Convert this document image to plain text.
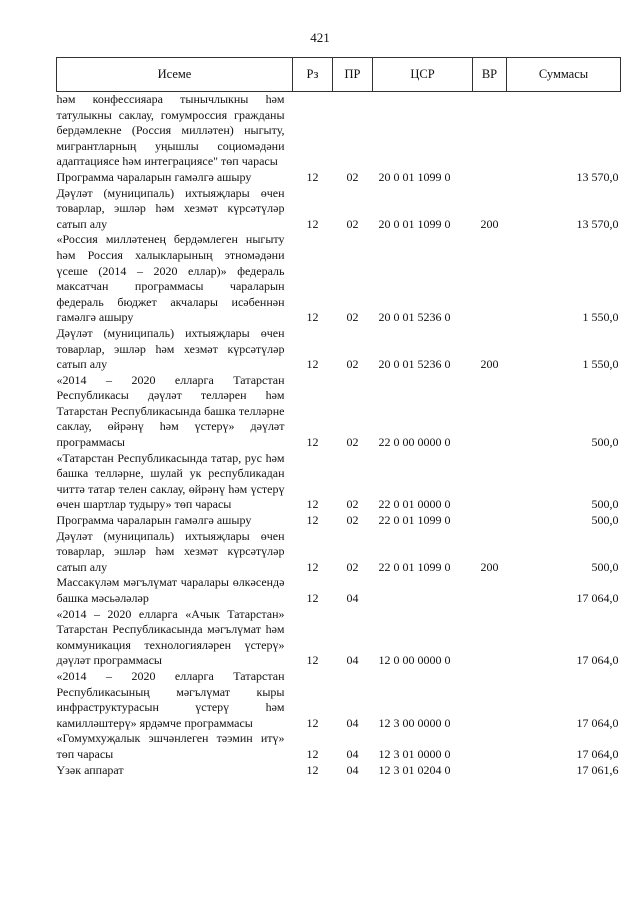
421
Исеме	Рз	ПР	ЦСР	ВР	Суммасы
һәм конфессияара тынычлыкны һәм татулыкны саклау, гомумроссия гражданы бердәмлекне (Россия милләтен) ныгыту, мигрантларның уңышлы социомәдәни адаптациясе һәм интеграциясе" төп чарасы					
Программа чараларын гамәлгә ашыру	12	02	20 0 01 1099 0		13 570,0
Дәүләт (муниципаль) ихтыяҗлары өчен товарлар, эшләр һәм хезмәт күрсәтүләр сатып алу	12	02	20 0 01 1099 0	200	13 570,0
«Россия милләтенең бердәмлеген ныгыту һәм Россия халыкларының этномәдәни үсеше (2014 – 2020 еллар)» федераль максатчан программасы чараларын федераль бюджет акчалары исәбеннән гамәлгә ашыру	12	02	20 0 01 5236 0		1 550,0
Дәүләт (муниципаль) ихтыяҗлары өчен товарлар, эшләр һәм хезмәт күрсәтүләр сатып алу	12	02	20 0 01 5236 0	200	1 550,0
«2014 – 2020 елларга Татарстан Республикасы дәүләт телләрен һәм Татарстан Республикасында башка телләрне саклау, өйрәнү һәм үстерү» дәүләт программасы	12	02	22 0 00 0000 0		500,0
«Татарстан Республикасында татар, рус һәм башка телләрне, шулай ук республикадан читтә татар телен саклау, өйрәнү һәм үстерү өчен шартлар тудыру» төп чарасы	12	02	22 0 01 0000 0		500,0
Программа чараларын гамәлгә ашыру	12	02	22 0 01 1099 0		500,0
Дәүләт (муниципаль) ихтыяҗлары өчен товарлар, эшләр һәм хезмәт күрсәтүләр сатып алу	12	02	22 0 01 1099 0	200	500,0
Массакүләм мәгълүмат чаралары өлкәсендә башка мәсьәләләр	12	04			17 064,0
«2014 – 2020 елларга «Ачык Татарстан» Татарстан Республикасында мәгълүмат һәм коммуникация технологияләрен үстерү» дәүләт программасы	12	04	12 0 00 0000 0		17 064,0
«2014 – 2020 елларга Татарстан Республикасының мәгълүмат кыры инфраструктурасын үстерү һәм камилләштерү» ярдәмче программасы	12	04	12 3 00 0000 0		17 064,0
«Гомумхуҗалык эшчәнлеген тәэмин итү» төп чарасы	12	04	12 3 01 0000 0		17 064,0
Үзәк аппарат	12	04	12 3 01 0204 0		17 061,6
